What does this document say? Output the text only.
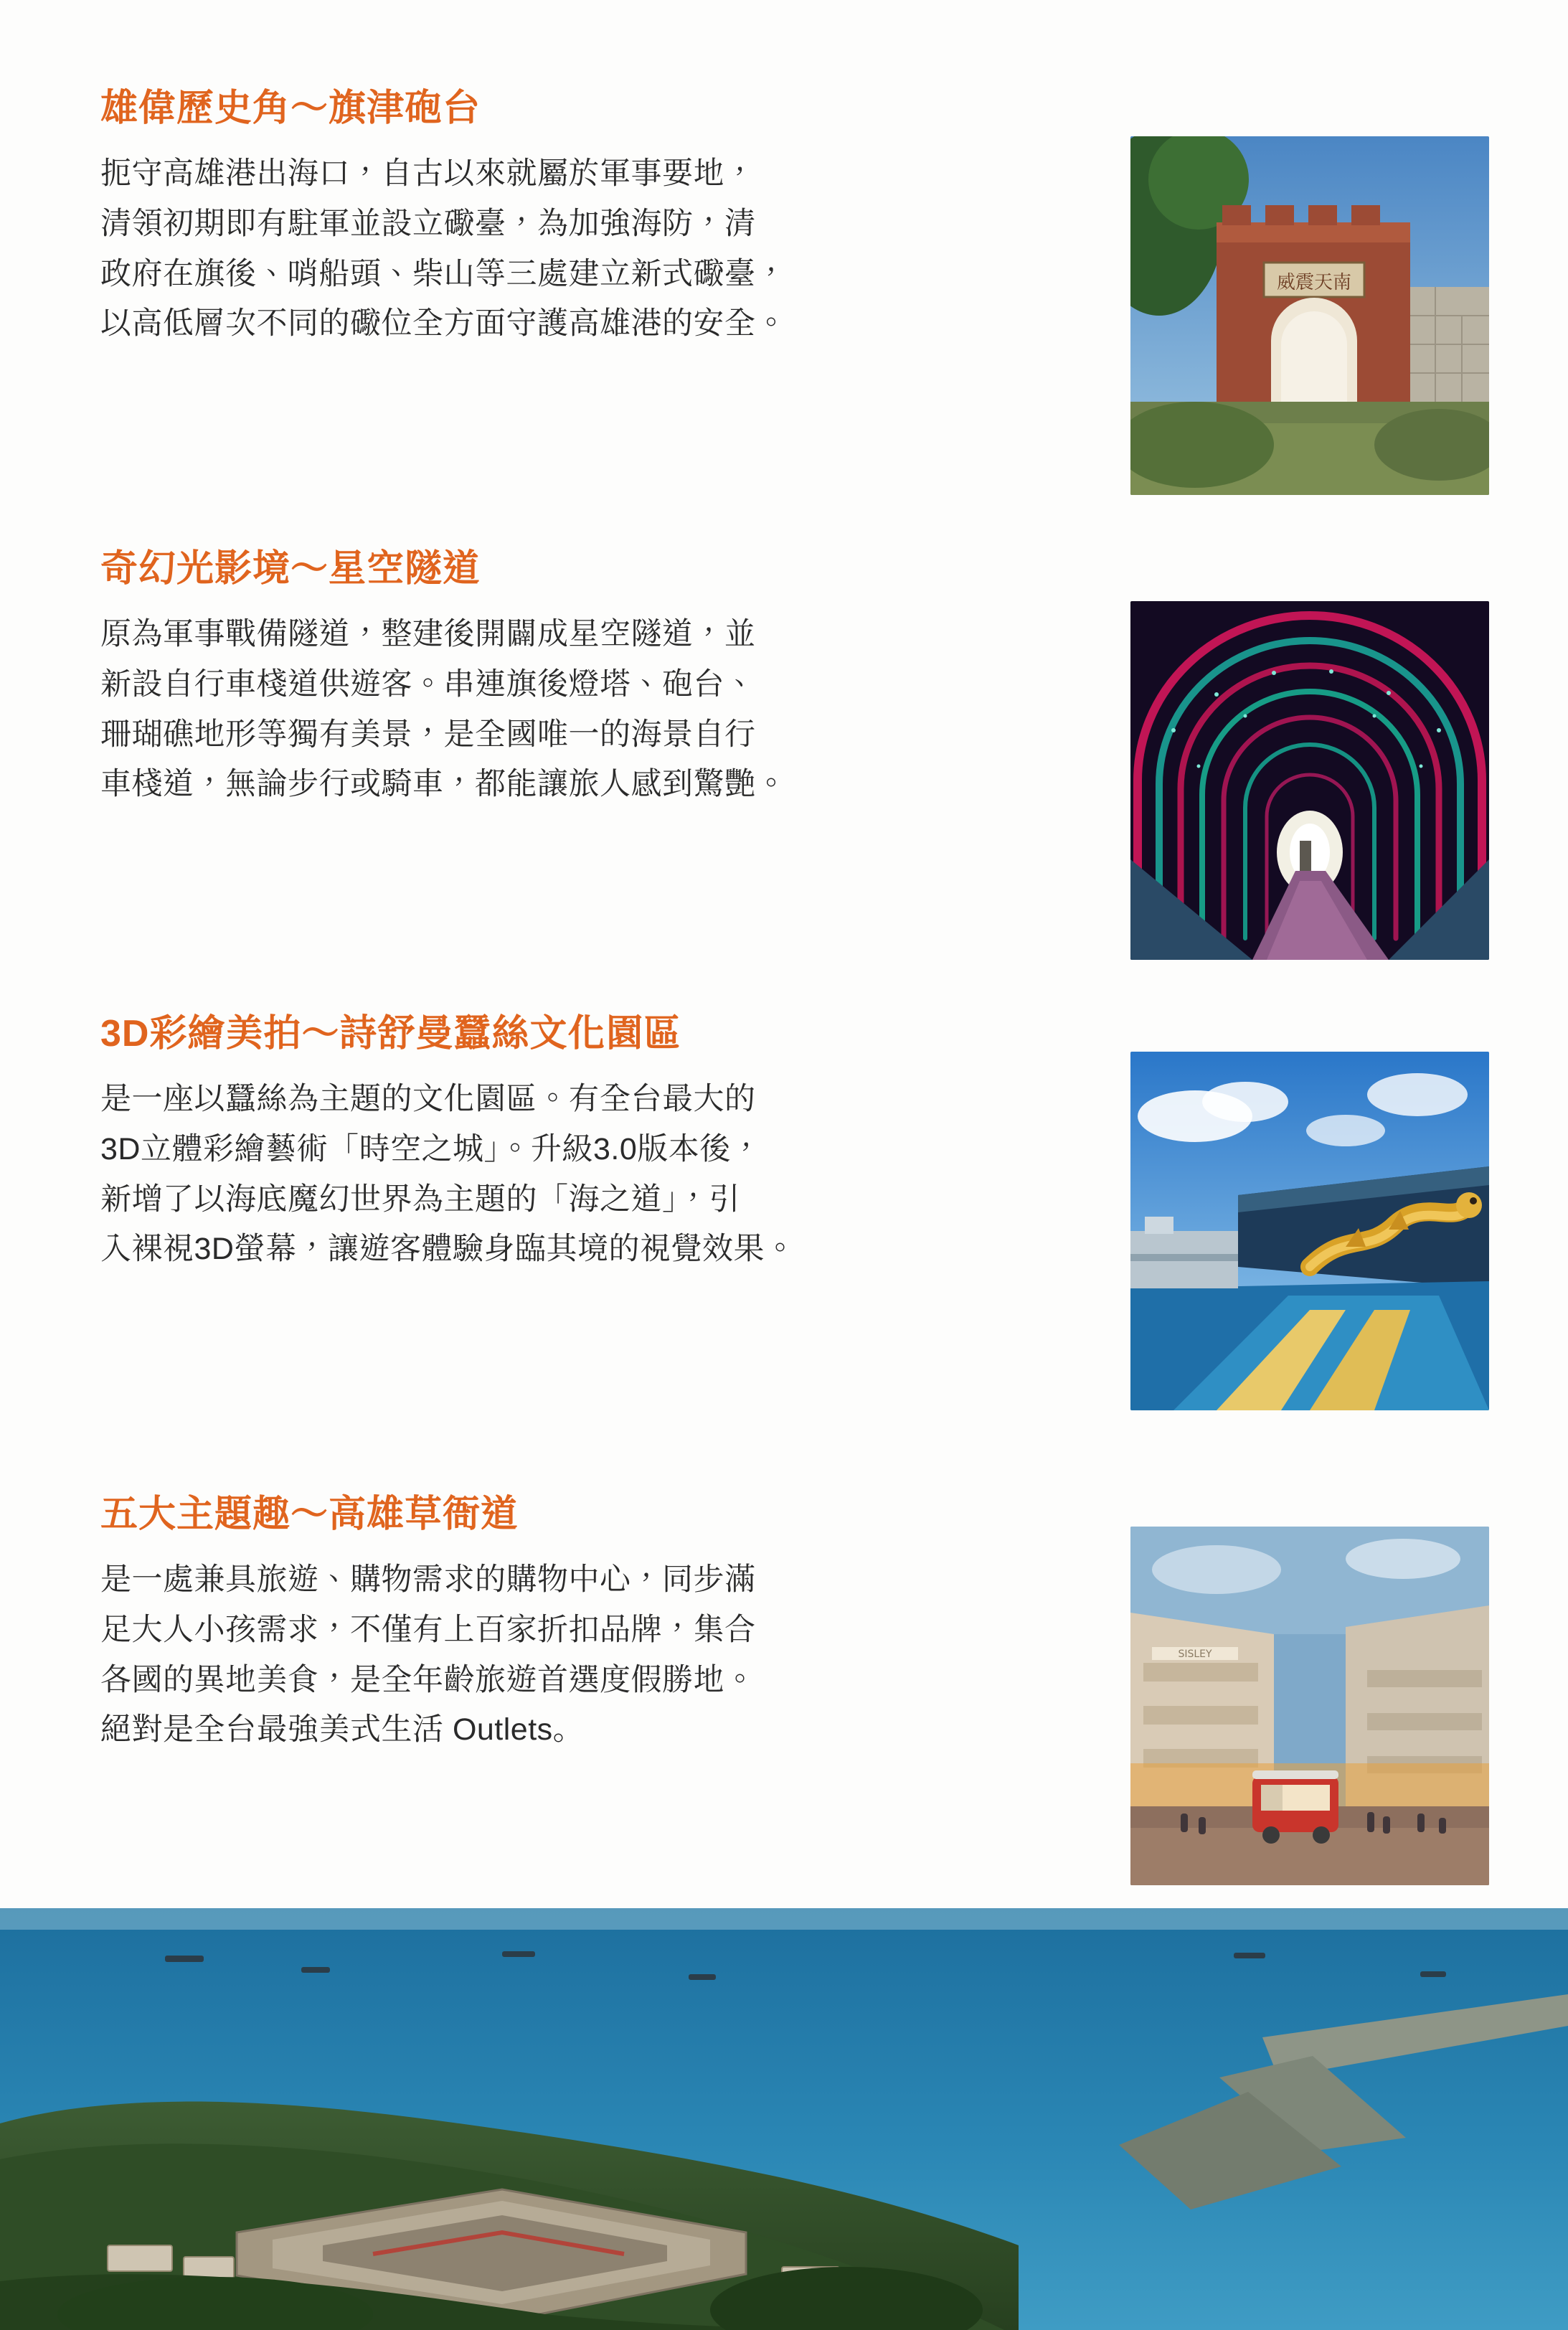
雄偉歷史角～旗津砲台
扼守高雄港出海口，自古以來就屬於軍事要地，
清領初期即有駐軍並設立礮臺，為加強海防，清
政府在旗後、哨船頭、柴山等三處建立新式礮臺，
以高低層次不同的礮位全方面守護高雄港的安全。
威震天南
奇幻光影境～星空隧道
原為軍事戰備隧道，整建後開闢成星空隧道，並
新設自行車棧道供遊客。串連旗後燈塔、砲台、
珊瑚礁地形等獨有美景，是全國唯一的海景自行
車棧道，無論步行或騎車，都能讓旅人感到驚艷。
3D彩繪美拍～詩舒曼蠶絲文化園區
是一座以蠶絲為主題的文化園區。有全台最大的
3D立體彩繪藝術「時空之城」。升級3.0版本後，
新增了以海底魔幻世界為主題的「海之道」，引
入裸視3D螢幕，讓遊客體驗身臨其境的視覺效果。
五大主題趣～高雄草衙道
是一處兼具旅遊、購物需求的購物中心，同步滿
足大人小孩需求，不僅有上百家折扣品牌，集合
各國的異地美食，是全年齡旅遊首選度假勝地。
絕對是全台最強美式生活 Outlets。
SISLEY
